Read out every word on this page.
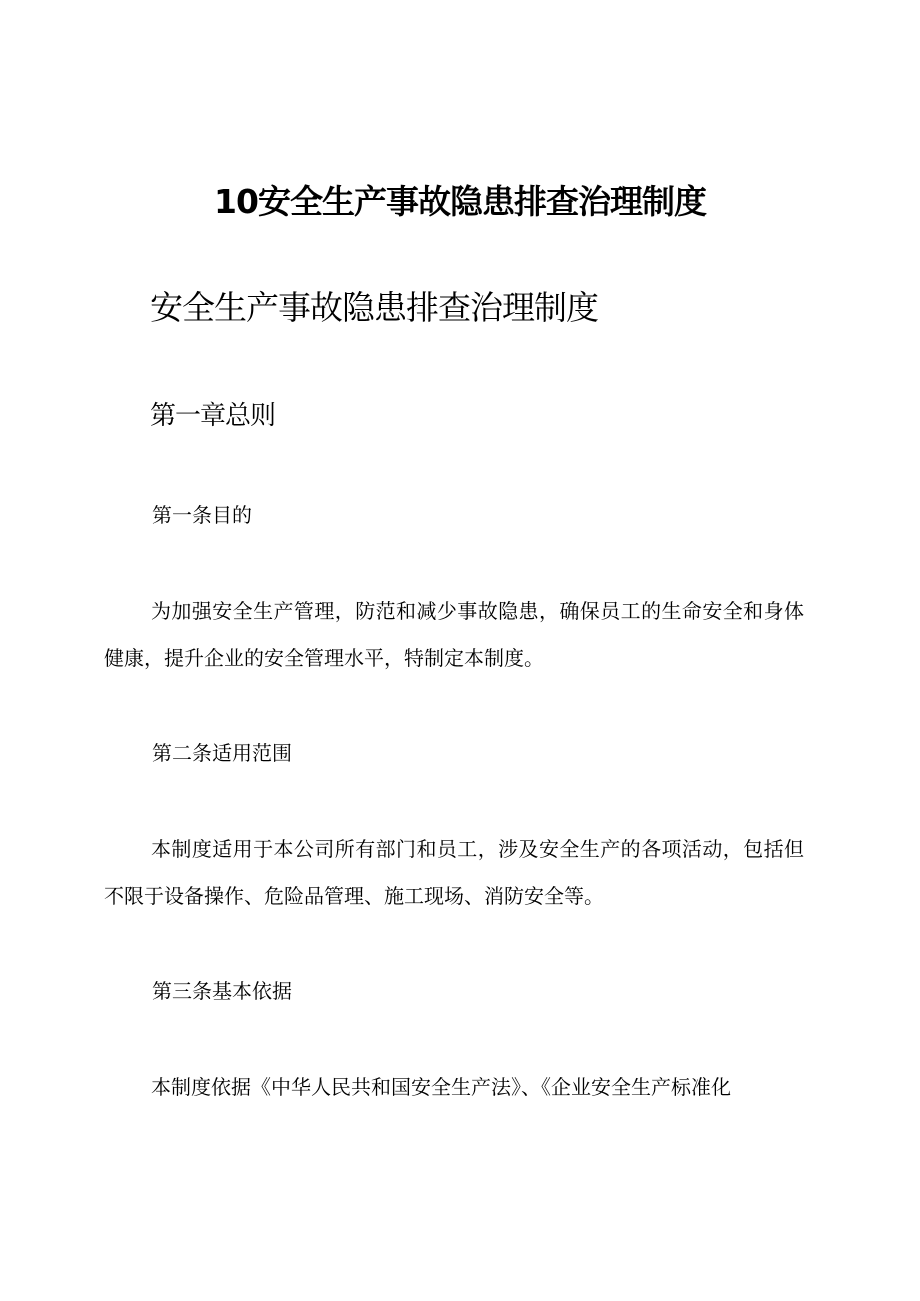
10安全生产事故隐患排查治理制度
安全生产事故隐患排查治理制度
第一章总则
第一条目的

为加强安全生产管理，防范和减少事故隐患，确保员工的生命安全和身体健康，提升企业的安全管理水平，特制定本制度。

第二条适用范围

本制度适用于本公司所有部门和员工，涉及安全生产的各项活动，包括但不限于设备操作、危险品管理、施工现场、消防安全等。

第三条基本依据

本制度依据《中华人民共和国安全生产法》、《企业安全生产标准化
